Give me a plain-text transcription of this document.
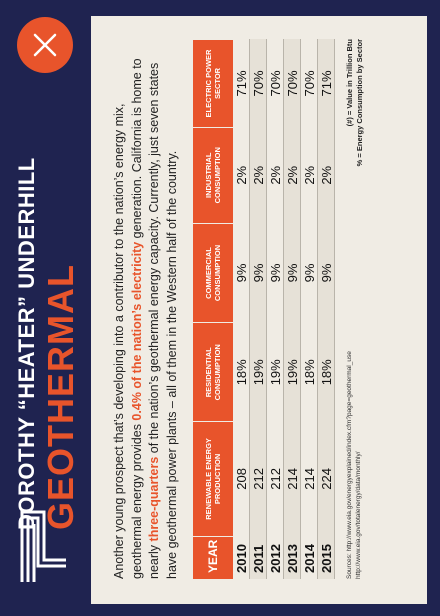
DOROTHY “HEATER” UNDERHILL GEOTHERMAL Another young prospect that’s developing into a contributor to the nation’s energy mix, geothermal energy provides 0.4% of the nation’s electricity generation. California is home to nearly three-quarters of the nation’s geothermal energy capacity. Currently, just seven states have geothermal power plants – all of them in the Western half of the country. YEAR	RENEWABLE ENERGY PRODUCTION	RESIDENTIAL CONSUMPTION	COMMERCIAL CONSUMPTION	INDUSTRIAL CONSUMPTION	ELECTRIC POWER SECTOR
2010	208	18%	9%	2%	71%
2011	212	19%	9%	2%	70%
2012	212	19%	9%	2%	70%
2013	214	19%	9%	2%	70%
2014	214	18%	9%	2%	70%
2015	224	18%	9%	2%	71%
Sources: http://www.eia.gov/energyexplained/index.cfm?page=geothermal_use http://www.eia.gov/totalenergy/data/monthly/
(#) = Value in Trillion Btu % = Energy Consumption by Sector
